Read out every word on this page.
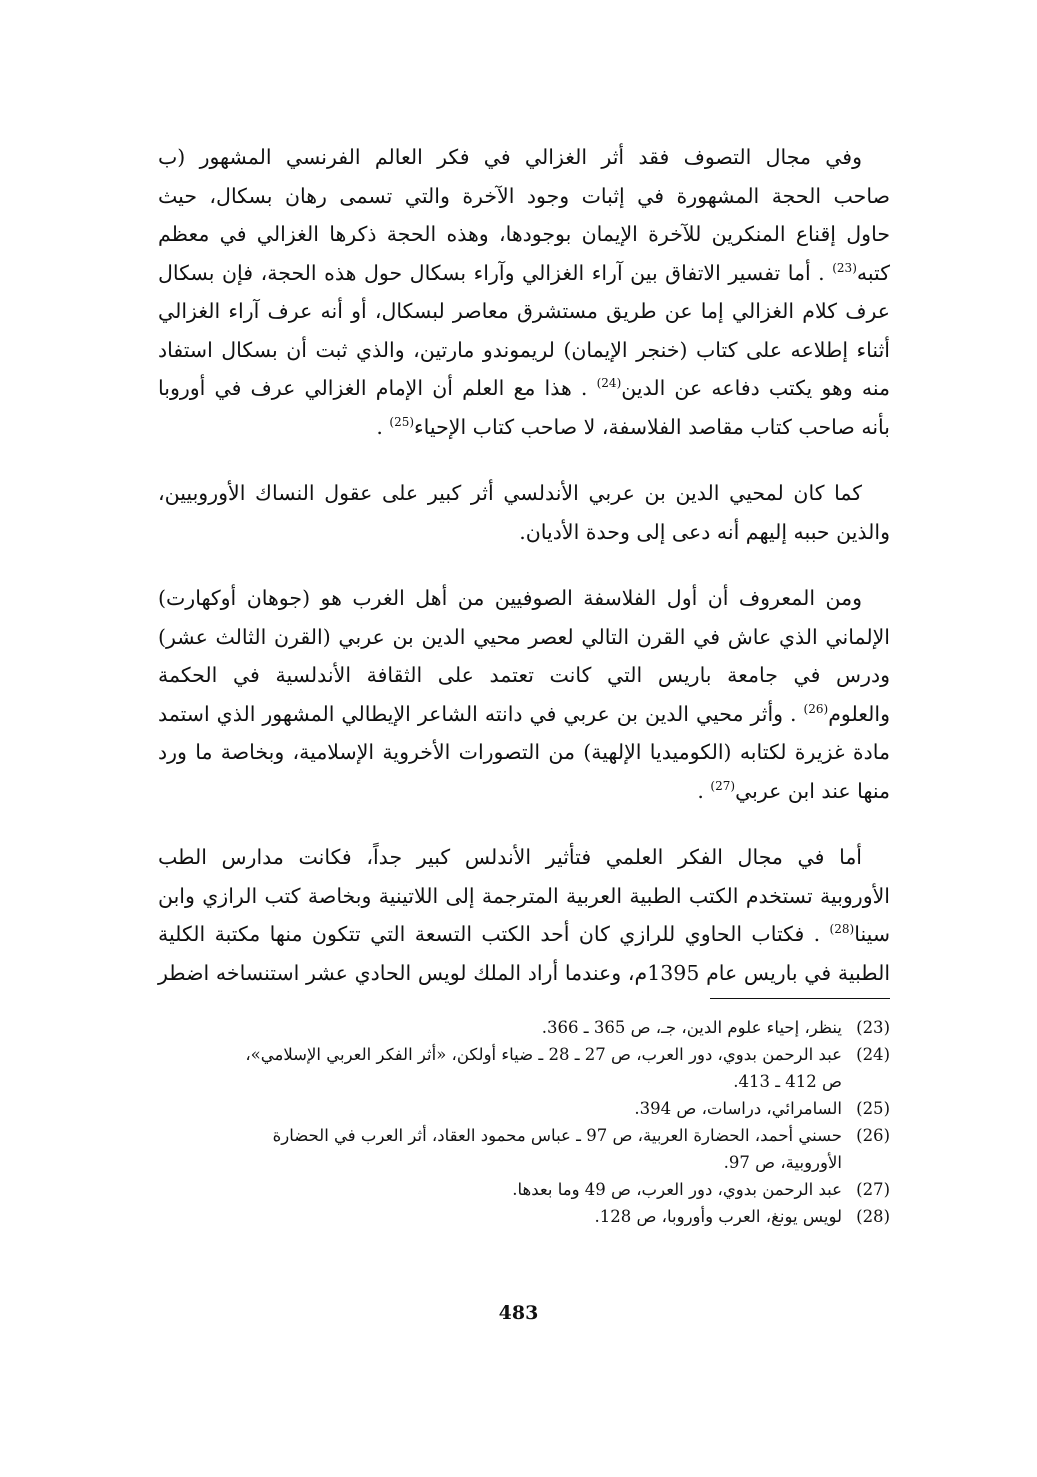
وفي مجال التصوف فقد أثر الغزالي في فكر العالم الفرنسي المشهور (ب
صاحب الحجة المشهورة في إثبات وجود الآخرة والتي تسمى رهان بسكال، حيث
حاول إقناع المنكرين للآخرة الإيمان بوجودها، وهذه الحجة ذكرها الغزالي في معظم
كتبه$^{(23)}$ . أما تفسير الاتفاق بين آراء الغزالي وآراء بسكال حول هذه الحجة، فإن بسكال
عرف كلام الغزالي إما عن طريق مستشرق معاصر لبسكال، أو أنه عرف آراء الغزالي
أثناء إطلاعه على كتاب (خنجر الإيمان) لريموندو مارتين، والذي ثبت أن بسكال استفاد
منه وهو يكتب دفاعه عن الدين$^{(24)}$ . هذا مع العلم أن الإمام الغزالي عرف في أوروبا
بأنه صاحب كتاب مقاصد الفلاسفة، لا صاحب كتاب الإحياء$^{(25)}$ .

كما كان لمحيي الدين بن عربي الأندلسي أثر كبير على عقول النساك الأوروبيين،
والذين حببه إليهم أنه دعى إلى وحدة الأديان.

ومن المعروف أن أول الفلاسفة الصوفيين من أهل الغرب هو (جوهان أوكهارت)
الإلماني الذي عاش في القرن التالي لعصر محيي الدين بن عربي (القرن الثالث عشر)
ودرس في جامعة باريس التي كانت تعتمد على الثقافة الأندلسية في الحكمة
والعلوم$^{(26)}$ . وأثر محيي الدين بن عربي في دانته الشاعر الإيطالي المشهور الذي استمد
مادة غزيرة لكتابه (الكوميديا الإلهية) من التصورات الأخروية الإسلامية، وبخاصة ما ورد
منها عند ابن عربي$^{(27)}$ .

أما في مجال الفكر العلمي فتأثير الأندلس كبير جداً، فكانت مدارس الطب
الأوروبية تستخدم الكتب الطبية العربية المترجمة إلى اللاتينية وبخاصة كتب الرازي وابن
سينا$^{(28)}$ . فكتاب الحاوي للرازي كان أحد الكتب التسعة التي تتكون منها مكتبة الكلية
الطبية في باريس عام 1395م، وعندما أراد الملك لويس الحادي عشر استنساخه اضطر

(23)
ينظر، إحياء علوم الدين، جـ، ص 365 ـ 366.
(24)
عبد الرحمن بدوي، دور العرب، ص 27 ـ 28 ـ ضياء أولكن، «أثر الفكر العربي الإسلامي»،
ص 412 ـ 413.
(25)
السامرائي، دراسات، ص 394.
(26)
حسني أحمد، الحضارة العربية، ص 97 ـ عباس محمود العقاد، أثر العرب في الحضارة
الأوروبية، ص 97.
(27)
عبد الرحمن بدوي، دور العرب، ص 49 وما بعدها.
(28)
لويس يونغ، العرب وأوروبا، ص 128.
483
